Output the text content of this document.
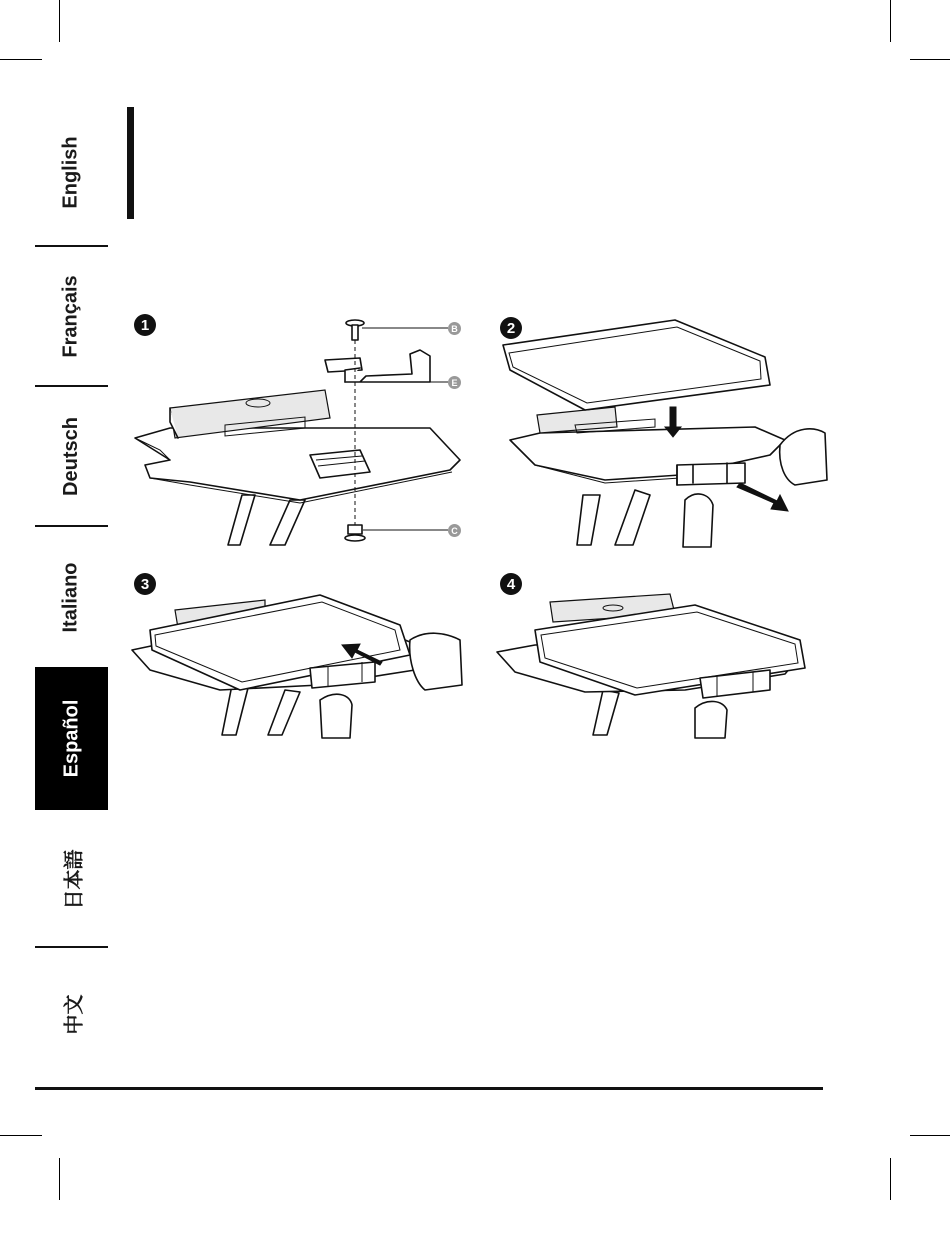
English
Français
Deutsch
Italiano
Español
日本語
中文
1	2
3	4
B
E
C
